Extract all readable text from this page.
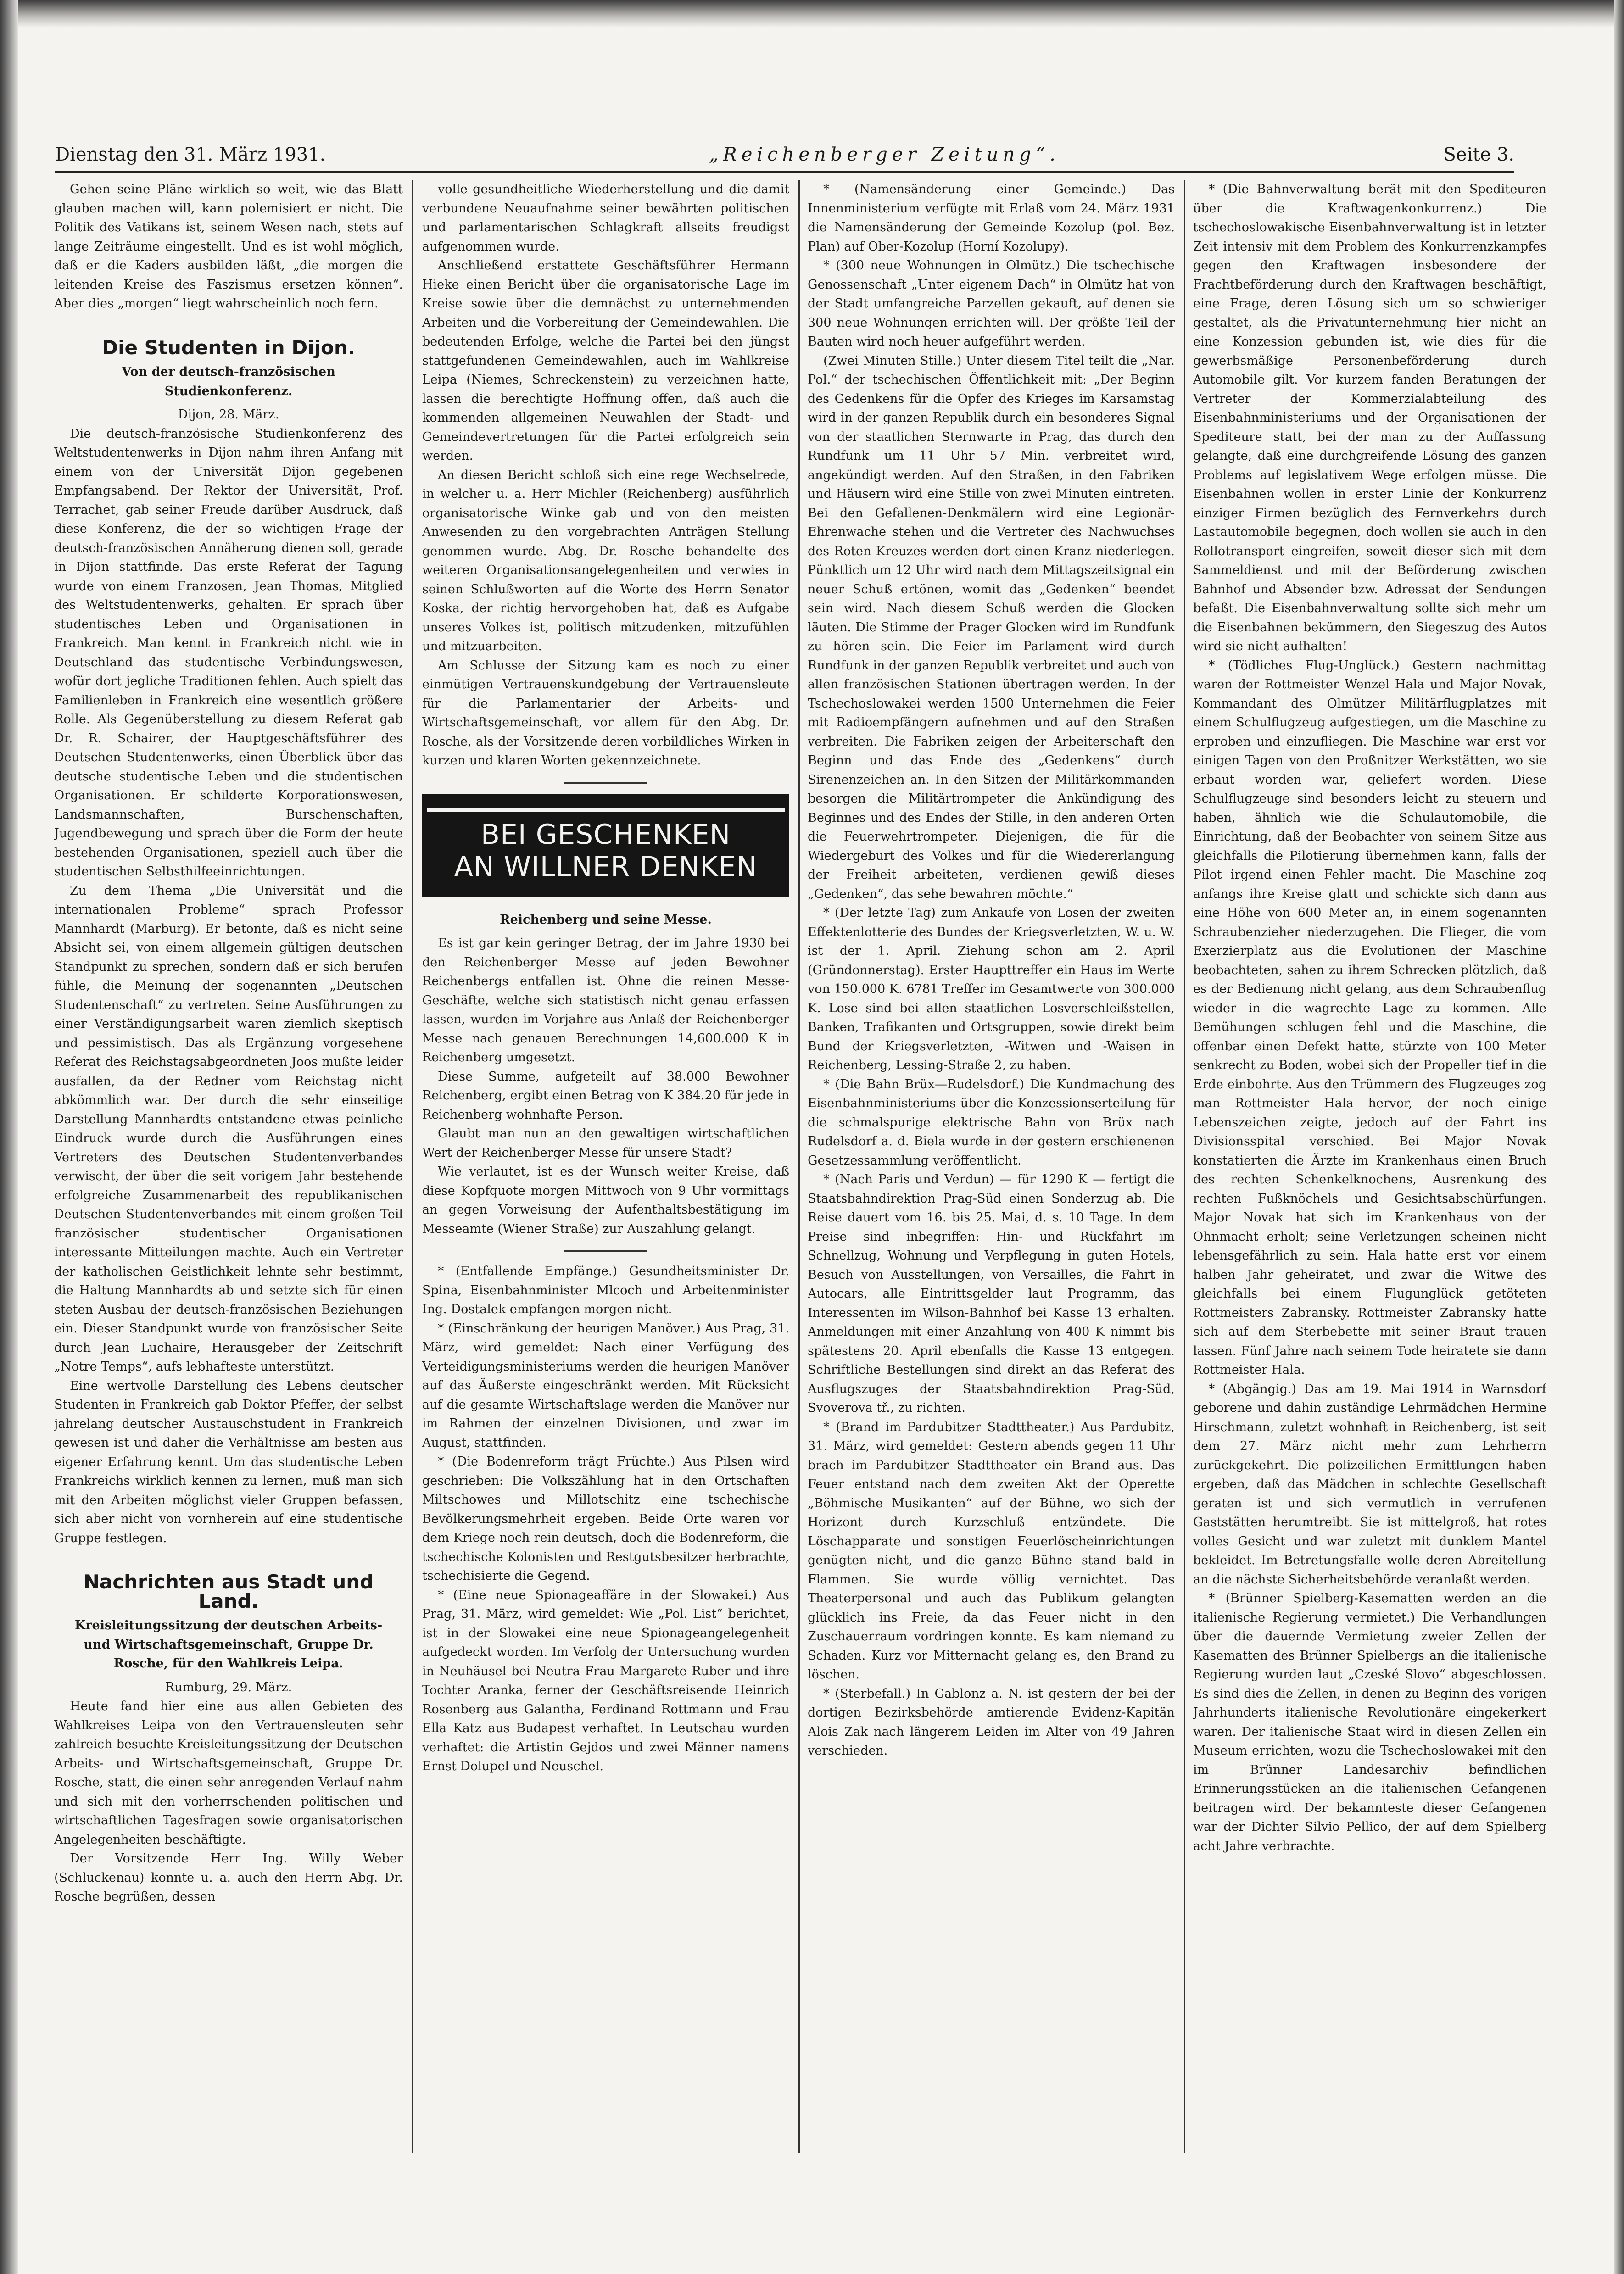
Dienstag den 31. März 1931.	„Reichenberger Zeitung“.	Seite 3.

Gehen seine Pläne wirklich so weit, wie das Blatt glauben machen will, kann polemisiert er nicht. Die Politik des Vatikans ist, seinem Wesen nach, stets auf lange Zeiträume eingestellt. Und es ist wohl möglich, daß er die Kaders ausbilden läßt, „die morgen die leitenden Kreise des Faszismus ersetzen können“. Aber dies „morgen“ liegt wahrscheinlich noch fern.

Die Studenten in Dijon.
Von der deutsch-französischen Studienkonferenz.

Dijon, 28. März.

Die deutsch-französische Studienkonferenz des Weltstudentenwerks in Dijon nahm ihren Anfang mit einem von der Universität Dijon gegebenen Empfangsabend. Der Rektor der Universität, Prof. Terrachet, gab seiner Freude darüber Ausdruck, daß diese Konferenz, die der so wichtigen Frage der deutsch-französischen Annäherung dienen soll, gerade in Dijon stattfinde. Das erste Referat der Tagung wurde von einem Franzosen, Jean Thomas, Mitglied des Weltstudentenwerks, gehalten. Er sprach über studentisches Leben und Organisationen in Frankreich. Man kennt in Frankreich nicht wie in Deutschland das studentische Verbindungswesen, wofür dort jegliche Traditionen fehlen. Auch spielt das Familienleben in Frankreich eine wesentlich größere Rolle. Als Gegenüberstellung zu diesem Referat gab Dr. R. Schairer, der Hauptgeschäftsführer des Deutschen Studentenwerks, einen Überblick über das deutsche studentische Leben und die studentischen Organisationen. Er schilderte Korporationswesen, Landsmannschaften, Burschenschaften, Jugendbewegung und sprach über die Form der heute bestehenden Organisationen, speziell auch über die studentischen Selbsthilfeeinrichtungen.

Zu dem Thema „Die Universität und die internationalen Probleme“ sprach Professor Mannhardt (Marburg). Er betonte, daß es nicht seine Absicht sei, von einem allgemein gültigen deutschen Standpunkt zu sprechen, sondern daß er sich berufen fühle, die Meinung der sogenannten „Deutschen Studentenschaft“ zu vertreten. Seine Ausführungen zu einer Verständigungsarbeit waren ziemlich skeptisch und pessimistisch. Das als Ergänzung vorgesehene Referat des Reichstagsabgeordneten Joos mußte leider ausfallen, da der Redner vom Reichstag nicht abkömmlich war. Der durch die sehr einseitige Darstellung Mannhardts entstandene etwas peinliche Eindruck wurde durch die Ausführungen eines Vertreters des Deutschen Studentenverbandes verwischt, der über die seit vorigem Jahr bestehende erfolgreiche Zusammenarbeit des republikanischen Deutschen Studentenverbandes mit einem großen Teil französischer studentischer Organisationen interessante Mitteilungen machte. Auch ein Vertreter der katholischen Geistlichkeit lehnte sehr bestimmt, die Haltung Mannhardts ab und setzte sich für einen steten Ausbau der deutsch-französischen Beziehungen ein. Dieser Standpunkt wurde von französischer Seite durch Jean Luchaire, Herausgeber der Zeitschrift „Notre Temps“, aufs lebhafteste unterstützt.

Eine wertvolle Darstellung des Lebens deutscher Studenten in Frankreich gab Doktor Pfeffer, der selbst jahrelang deutscher Austauschstudent in Frankreich gewesen ist und daher die Verhältnisse am besten aus eigener Erfahrung kennt. Um das studentische Leben Frankreichs wirklich kennen zu lernen, muß man sich mit den Arbeiten möglichst vieler Gruppen befassen, sich aber nicht von vornherein auf eine studentische Gruppe festlegen.

Nachrichten aus Stadt und Land.
Kreisleitungssitzung der deutschen Arbeits- und Wirtschaftsgemeinschaft, Gruppe Dr. Rosche, für den Wahlkreis Leipa.

Rumburg, 29. März.

Heute fand hier eine aus allen Gebieten des Wahlkreises Leipa von den Vertrauensleuten sehr zahlreich besuchte Kreisleitungssitzung der Deutschen Arbeits- und Wirtschaftsgemeinschaft, Gruppe Dr. Rosche, statt, die einen sehr anregenden Verlauf nahm und sich mit den vorherrschenden politischen und wirtschaftlichen Tagesfragen sowie organisatorischen Angelegenheiten beschäftigte.

Der Vorsitzende Herr Ing. Willy Weber (Schluckenau) konnte u. a. auch den Herrn Abg. Dr. Rosche begrüßen, dessen

volle gesundheitliche Wiederherstellung und die damit verbundene Neuaufnahme seiner bewährten politischen und parlamentarischen Schlagkraft allseits freudigst aufgenommen wurde.

Anschließend erstattete Geschäftsführer Hermann Hieke einen Bericht über die organisatorische Lage im Kreise sowie über die demnächst zu unternehmenden Arbeiten und die Vorbereitung der Gemeindewahlen. Die bedeutenden Erfolge, welche die Partei bei den jüngst stattgefundenen Gemeindewahlen, auch im Wahlkreise Leipa (Niemes, Schreckenstein) zu verzeichnen hatte, lassen die berechtigte Hoffnung offen, daß auch die kommenden allgemeinen Neuwahlen der Stadt- und Gemeindevertretungen für die Partei erfolgreich sein werden.

An diesen Bericht schloß sich eine rege Wechselrede, in welcher u. a. Herr Michler (Reichenberg) ausführlich organisatorische Winke gab und von den meisten Anwesenden zu den vorgebrachten Anträgen Stellung genommen wurde. Abg. Dr. Rosche behandelte des weiteren Organisationsangelegenheiten und verwies in seinen Schlußworten auf die Worte des Herrn Senator Koska, der richtig hervorgehoben hat, daß es Aufgabe unseres Volkes ist, politisch mitzudenken, mitzufühlen und mitzuarbeiten.

Am Schlusse der Sitzung kam es noch zu einer einmütigen Vertrauenskundgebung der Vertrauensleute für die Parlamentarier der Arbeits- und Wirtschaftsgemeinschaft, vor allem für den Abg. Dr. Rosche, als der Vorsitzende deren vorbildliches Wirken in kurzen und klaren Worten gekennzeichnete.

BEI GESCHENKEN
AN WILLNER DENKEN
Reichenberg und seine Messe.

Es ist gar kein geringer Betrag, der im Jahre 1930 bei den Reichenberger Messe auf jeden Bewohner Reichenbergs entfallen ist. Ohne die reinen Messe-Geschäfte, welche sich statistisch nicht genau erfassen lassen, wurden im Vorjahre aus Anlaß der Reichenberger Messe nach genauen Berechnungen 14,600.000 K in Reichenberg umgesetzt.

Diese Summe, aufgeteilt auf 38.000 Bewohner Reichenberg, ergibt einen Betrag von K 384.20 für jede in Reichenberg wohnhafte Person.

Glaubt man nun an den gewaltigen wirtschaftlichen Wert der Reichenberger Messe für unsere Stadt?

Wie verlautet, ist es der Wunsch weiter Kreise, daß diese Kopfquote morgen Mittwoch von 9 Uhr vormittags an gegen Vorweisung der Aufenthaltsbestätigung im Messeamte (Wiener Straße) zur Auszahlung gelangt.

* (Entfallende Empfänge.) Gesundheitsminister Dr. Spina, Eisenbahnminister Mlcoch und Arbeitenminister Ing. Dostalek empfangen morgen nicht.

* (Einschränkung der heurigen Manöver.) Aus Prag, 31. März, wird gemeldet: Nach einer Verfügung des Verteidigungsministeriums werden die heurigen Manöver auf das Äußerste eingeschränkt werden. Mit Rücksicht auf die gesamte Wirtschaftslage werden die Manöver nur im Rahmen der einzelnen Divisionen, und zwar im August, stattfinden.

* (Die Bodenreform trägt Früchte.) Aus Pilsen wird geschrieben: Die Volkszählung hat in den Ortschaften Miltschowes und Millotschitz eine tschechische Bevölkerungsmehrheit ergeben. Beide Orte waren vor dem Kriege noch rein deutsch, doch die Bodenreform, die tschechische Kolonisten und Restgutsbesitzer herbrachte, tschechisierte die Gegend.

* (Eine neue Spionageaffäre in der Slowakei.) Aus Prag, 31. März, wird gemeldet: Wie „Pol. List“ berichtet, ist in der Slowakei eine neue Spionageangelegenheit aufgedeckt worden. Im Verfolg der Untersuchung wurden in Neuhäusel bei Neutra Frau Margarete Ruber und ihre Tochter Aranka, ferner der Geschäftsreisende Heinrich Rosenberg aus Galantha, Ferdinand Rottmann und Frau Ella Katz aus Budapest verhaftet. In Leutschau wurden verhaftet: die Artistin Gejdos und zwei Männer namens Ernst Dolupel und Neuschel.

* (Namensänderung einer Gemeinde.) Das Innenministerium verfügte mit Erlaß vom 24. März 1931 die Namensänderung der Gemeinde Kozolup (pol. Bez. Plan) auf Ober-Kozolup (Horní Kozolupy).

* (300 neue Wohnungen in Olmütz.) Die tschechische Genossenschaft „Unter eigenem Dach“ in Olmütz hat von der Stadt umfangreiche Parzellen gekauft, auf denen sie 300 neue Wohnungen errichten will. Der größte Teil der Bauten wird noch heuer aufgeführt werden.

(Zwei Minuten Stille.) Unter diesem Titel teilt die „Nar. Pol.“ der tschechischen Öffentlichkeit mit: „Der Beginn des Gedenkens für die Opfer des Krieges im Karsamstag wird in der ganzen Republik durch ein besonderes Signal von der staatlichen Sternwarte in Prag, das durch den Rundfunk um 11 Uhr 57 Min. verbreitet wird, angekündigt werden. Auf den Straßen, in den Fabriken und Häusern wird eine Stille von zwei Minuten eintreten. Bei den Gefallenen-Denkmälern wird eine Legionär-Ehrenwache stehen und die Vertreter des Nachwuchses des Roten Kreuzes werden dort einen Kranz niederlegen. Pünktlich um 12 Uhr wird nach dem Mittagszeitsignal ein neuer Schuß ertönen, womit das „Gedenken“ beendet sein wird. Nach diesem Schuß werden die Glocken läuten. Die Stimme der Prager Glocken wird im Rundfunk zu hören sein. Die Feier im Parlament wird durch Rundfunk in der ganzen Republik verbreitet und auch von allen französischen Stationen übertragen werden. In der Tschechoslowakei werden 1500 Unternehmen die Feier mit Radioempfängern aufnehmen und auf den Straßen verbreiten. Die Fabriken zeigen der Arbeiterschaft den Beginn und das Ende des „Gedenkens“ durch Sirenenzeichen an. In den Sitzen der Militärkommanden besorgen die Militärtrompeter die Ankündigung des Beginnes und des Endes der Stille, in den anderen Orten die Feuerwehrtrompeter. Diejenigen, die für die Wiedergeburt des Volkes und für die Wiedererlangung der Freiheit arbeiteten, verdienen gewiß dieses „Gedenken“, das sehe bewahren möchte.“

* (Der letzte Tag) zum Ankaufe von Losen der zweiten Effektenlotterie des Bundes der Kriegsverletzten, W. u. W. ist der 1. April. Ziehung schon am 2. April (Gründonnerstag). Erster Haupttreffer ein Haus im Werte von 150.000 K. 6781 Treffer im Gesamtwerte von 300.000 K. Lose sind bei allen staatlichen Losverschleißstellen, Banken, Trafikanten und Ortsgruppen, sowie direkt beim Bund der Kriegsverletzten, -Witwen und -Waisen in Reichenberg, Lessing-Straße 2, zu haben.

* (Die Bahn Brüx—Rudelsdorf.) Die Kundmachung des Eisenbahnministeriums über die Konzessionserteilung für die schmalspurige elektrische Bahn von Brüx nach Rudelsdorf a. d. Biela wurde in der gestern erschienenen Gesetzessammlung veröffentlicht.

* (Nach Paris und Verdun) — für 1290 K — fertigt die Staatsbahndirektion Prag-Süd einen Sonderzug ab. Die Reise dauert vom 16. bis 25. Mai, d. s. 10 Tage. In dem Preise sind inbegriffen: Hin- und Rückfahrt im Schnellzug, Wohnung und Verpflegung in guten Hotels, Besuch von Ausstellungen, von Versailles, die Fahrt in Autocars, alle Eintrittsgelder laut Programm, das Interessenten im Wilson-Bahnhof bei Kasse 13 erhalten. Anmeldungen mit einer Anzahlung von 400 K nimmt bis spätestens 20. April ebenfalls die Kasse 13 entgegen. Schriftliche Bestellungen sind direkt an das Referat des Ausflugszuges der Staatsbahndirektion Prag-Süd, Svoverova tř., zu richten.

* (Brand im Pardubitzer Stadttheater.) Aus Pardubitz, 31. März, wird gemeldet: Gestern abends gegen 11 Uhr brach im Pardubitzer Stadttheater ein Brand aus. Das Feuer entstand nach dem zweiten Akt der Operette „Böhmische Musikanten“ auf der Bühne, wo sich der Horizont durch Kurzschluß entzündete. Die Löschapparate und sonstigen Feuerlöscheinrichtungen genügten nicht, und die ganze Bühne stand bald in Flammen. Sie wurde völlig vernichtet. Das Theaterpersonal und auch das Publikum gelangten glücklich ins Freie, da das Feuer nicht in den Zuschauerraum vordringen konnte. Es kam niemand zu Schaden. Kurz vor Mitternacht gelang es, den Brand zu löschen.

* (Sterbefall.) In Gablonz a. N. ist gestern der bei der dortigen Bezirksbehörde amtierende Evidenz-Kapitän Alois Zak nach längerem Leiden im Alter von 49 Jahren verschieden.

* (Die Bahnverwaltung berät mit den Spediteuren über die Kraftwagenkonkurrenz.) Die tschechoslowakische Eisenbahnverwaltung ist in letzter Zeit intensiv mit dem Problem des Konkurrenzkampfes gegen den Kraftwagen insbesondere der Frachtbeförderung durch den Kraftwagen beschäftigt, eine Frage, deren Lösung sich um so schwieriger gestaltet, als die Privatunternehmung hier nicht an eine Konzession gebunden ist, wie dies für die gewerbsmäßige Personenbeförderung durch Automobile gilt. Vor kurzem fanden Beratungen der Vertreter der Kommerzialabteilung des Eisenbahnministeriums und der Organisationen der Spediteure statt, bei der man zu der Auffassung gelangte, daß eine durchgreifende Lösung des ganzen Problems auf legislativem Wege erfolgen müsse. Die Eisenbahnen wollen in erster Linie der Konkurrenz einziger Firmen bezüglich des Fernverkehrs durch Lastautomobile begegnen, doch wollen sie auch in den Rollotransport eingreifen, soweit dieser sich mit dem Sammeldienst und mit der Beförderung zwischen Bahnhof und Absender bzw. Adressat der Sendungen befaßt. Die Eisenbahnverwaltung sollte sich mehr um die Eisenbahnen bekümmern, den Siegeszug des Autos wird sie nicht aufhalten!

* (Tödliches Flug-Unglück.) Gestern nachmittag waren der Rottmeister Wenzel Hala und Major Novak, Kommandant des Olmützer Militärflugplatzes mit einem Schulflugzeug aufgestiegen, um die Maschine zu erproben und einzufliegen. Die Maschine war erst vor einigen Tagen von den Proßnitzer Werkstätten, wo sie erbaut worden war, geliefert worden. Diese Schulflugzeuge sind besonders leicht zu steuern und haben, ähnlich wie die Schulautomobile, die Einrichtung, daß der Beobachter von seinem Sitze aus gleichfalls die Pilotierung übernehmen kann, falls der Pilot irgend einen Fehler macht. Die Maschine zog anfangs ihre Kreise glatt und schickte sich dann aus eine Höhe von 600 Meter an, in einem sogenannten Schraubenzieher niederzugehen. Die Flieger, die vom Exerzierplatz aus die Evolutionen der Maschine beobachteten, sahen zu ihrem Schrecken plötzlich, daß es der Bedienung nicht gelang, aus dem Schraubenflug wieder in die wagrechte Lage zu kommen. Alle Bemühungen schlugen fehl und die Maschine, die offenbar einen Defekt hatte, stürzte von 100 Meter senkrecht zu Boden, wobei sich der Propeller tief in die Erde einbohrte. Aus den Trümmern des Flugzeuges zog man Rottmeister Hala hervor, der noch einige Lebenszeichen zeigte, jedoch auf der Fahrt ins Divisionsspital verschied. Bei Major Novak konstatierten die Ärzte im Krankenhaus einen Bruch des rechten Schenkelknochens, Ausrenkung des rechten Fußknöchels und Gesichtsabschürfungen. Major Novak hat sich im Krankenhaus von der Ohnmacht erholt; seine Verletzungen scheinen nicht lebensgefährlich zu sein. Hala hatte erst vor einem halben Jahr geheiratet, und zwar die Witwe des gleichfalls bei einem Flugunglück getöteten Rottmeisters Zabransky. Rottmeister Zabransky hatte sich auf dem Sterbebette mit seiner Braut trauen lassen. Fünf Jahre nach seinem Tode heiratete sie dann Rottmeister Hala.

* (Abgängig.) Das am 19. Mai 1914 in Warnsdorf geborene und dahin zuständige Lehrmädchen Hermine Hirschmann, zuletzt wohnhaft in Reichenberg, ist seit dem 27. März nicht mehr zum Lehrherrn zurückgekehrt. Die polizeilichen Ermittlungen haben ergeben, daß das Mädchen in schlechte Gesellschaft geraten ist und sich vermutlich in verrufenen Gaststätten herumtreibt. Sie ist mittelgroß, hat rotes volles Gesicht und war zuletzt mit dunklem Mantel bekleidet. Im Betretungsfalle wolle deren Abreitellung an die nächste Sicherheitsbehörde veranlaßt werden.

* (Brünner Spielberg-Kasematten werden an die italienische Regierung vermietet.) Die Verhandlungen über die dauernde Vermietung zweier Zellen der Kasematten des Brünner Spielbergs an die italienische Regierung wurden laut „Czeské Slovo“ abgeschlossen. Es sind dies die Zellen, in denen zu Beginn des vorigen Jahrhunderts italienische Revolutionäre eingekerkert waren. Der italienische Staat wird in diesen Zellen ein Museum errichten, wozu die Tschechoslowakei mit den im Brünner Landesarchiv befindlichen Erinnerungsstücken an die italienischen Gefangenen beitragen wird. Der bekannteste dieser Gefangenen war der Dichter Silvio Pellico, der auf dem Spielberg acht Jahre verbrachte.
